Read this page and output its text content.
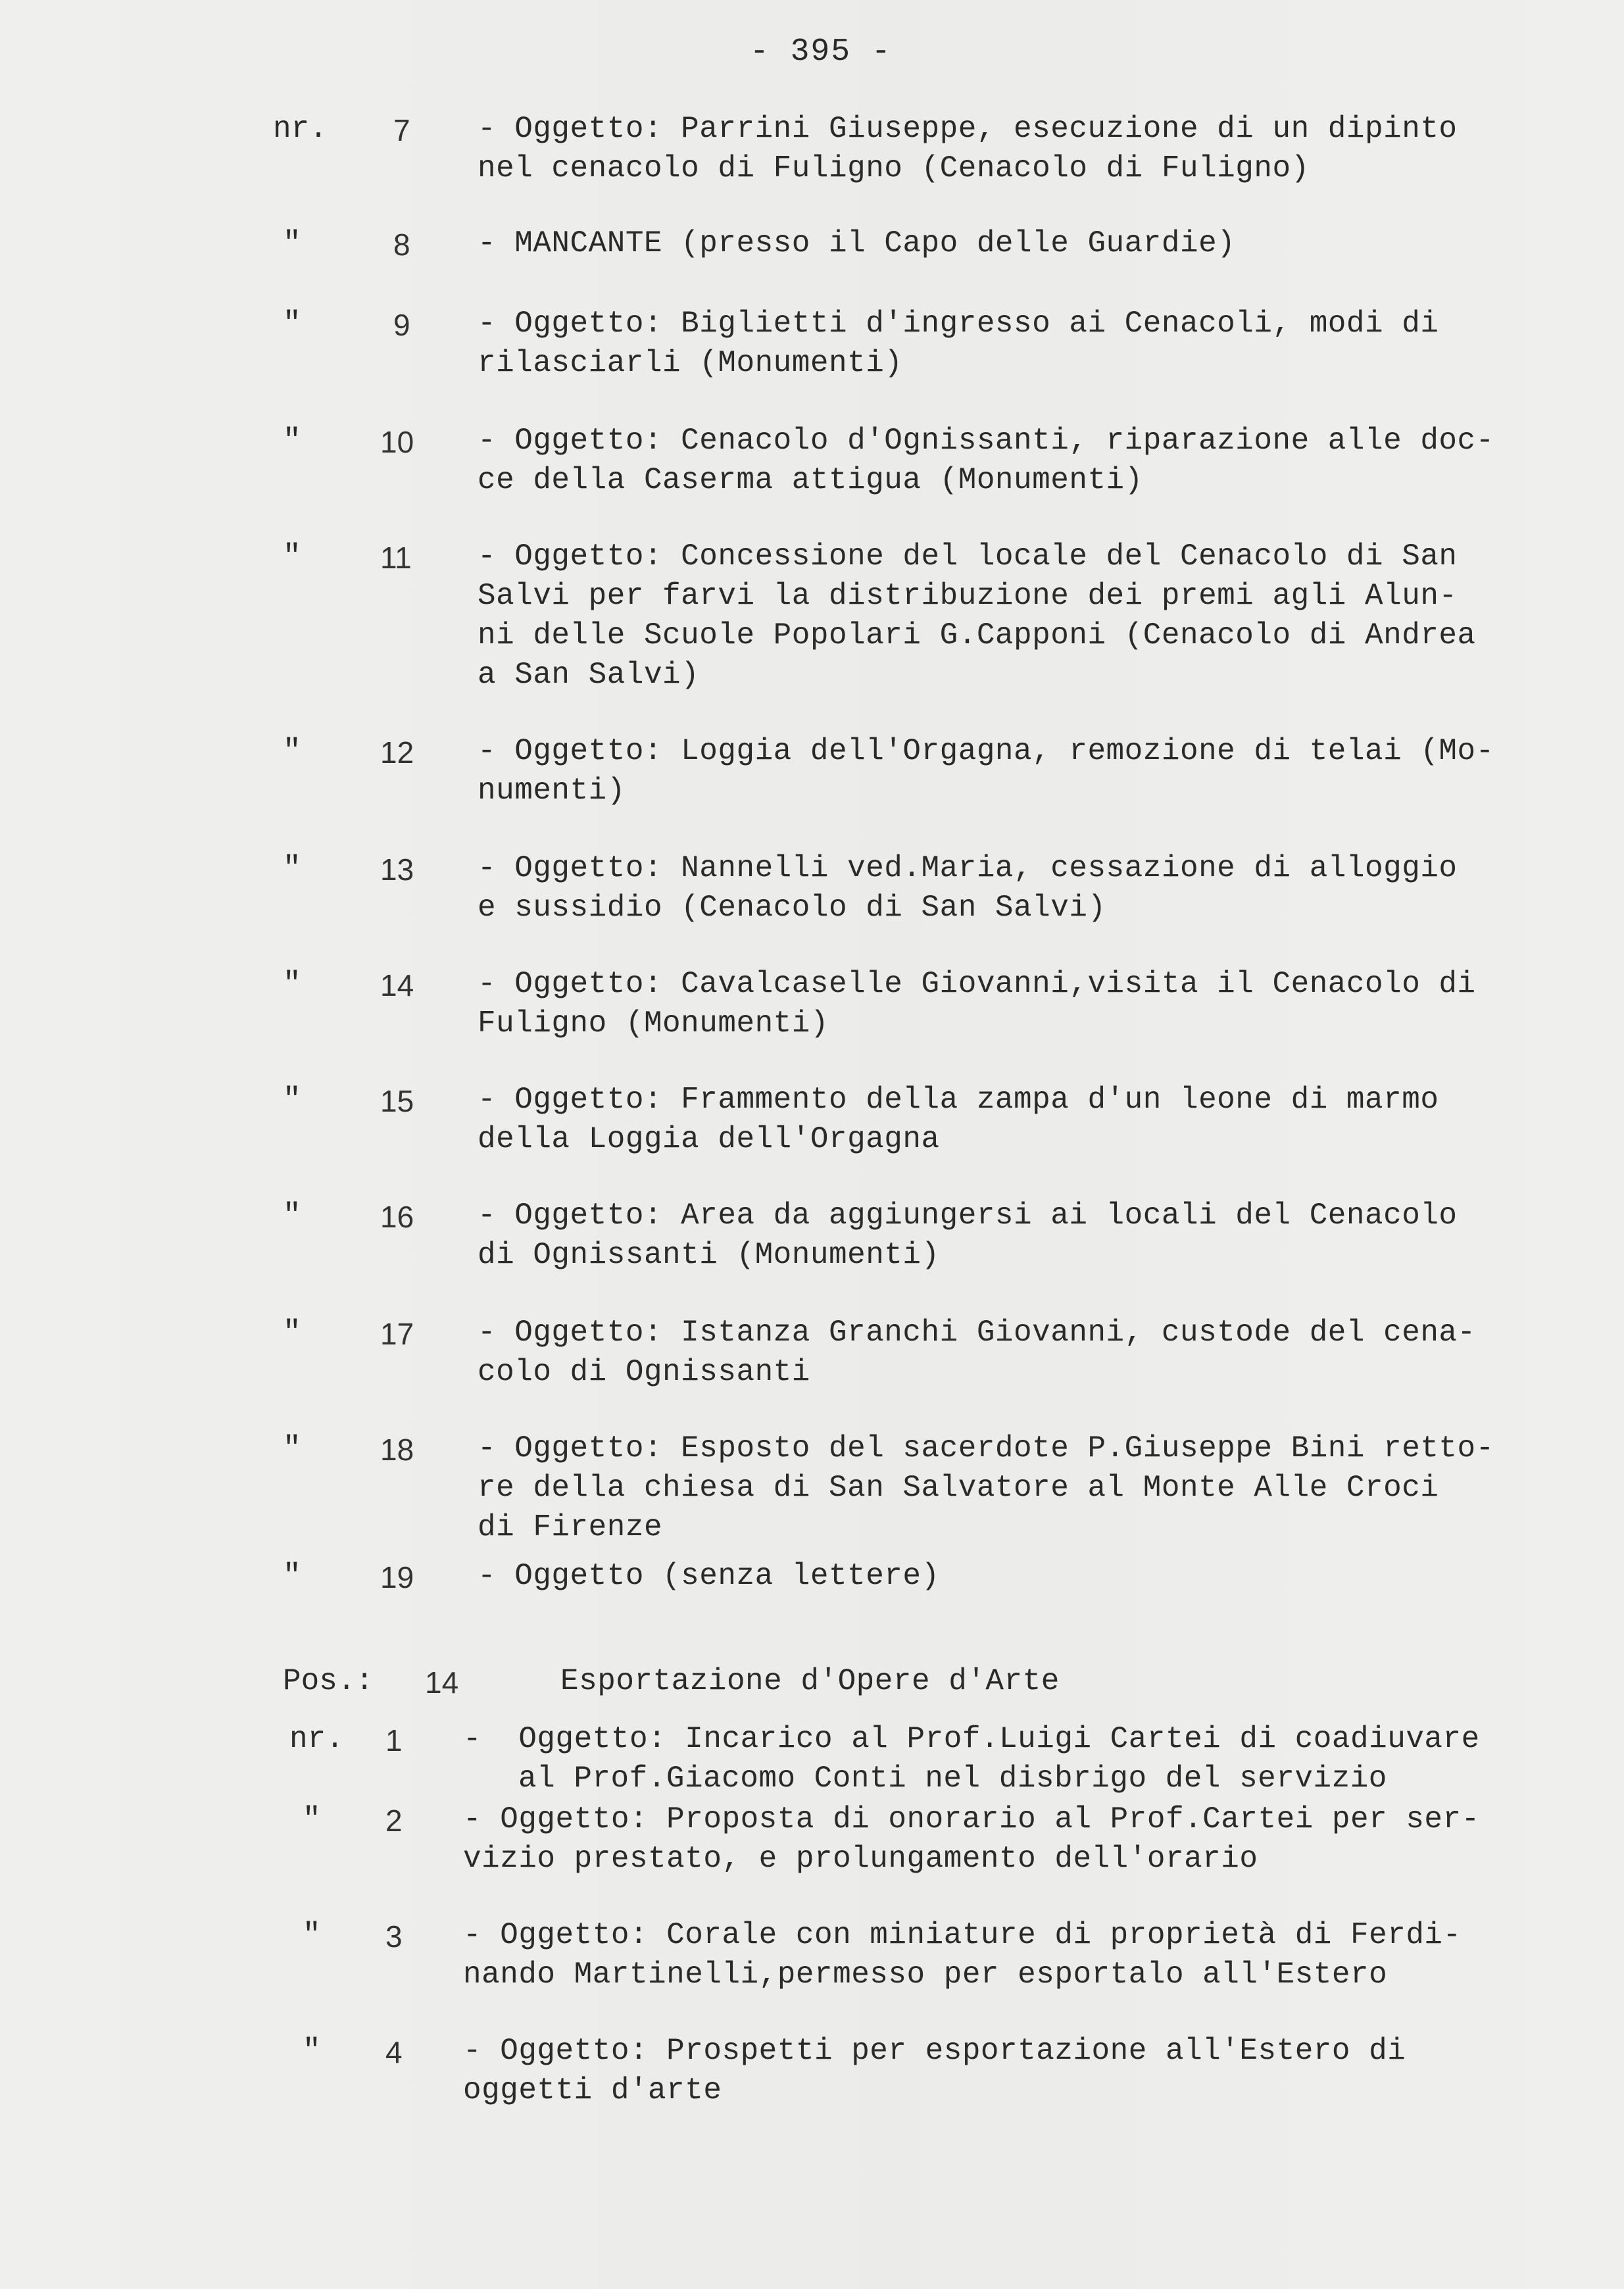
- 395 -
nr. 7 - Oggetto: Parrini Giuseppe, esecuzione di un dipinto
nel cenacolo di Fuligno (Cenacolo di Fuligno)
"	8 - MANCANTE (presso il Capo delle Guardie)
"	9 - Oggetto: Biglietti d'ingresso ai Cenacoli, modi di
rilasciarli (Monumenti)
"	10 - Oggetto: Cenacolo d'Ognissanti, riparazione alle doc-
ce della Caserma attigua (Monumenti)
"	11 - Oggetto: Concessione del locale del Cenacolo di San
Salvi per farvi la distribuzione dei premi agli Alun-
ni delle Scuole Popolari G.Capponi (Cenacolo di Andrea
a San Salvi)
"	12 - Oggetto: Loggia dell'Orgagna, remozione di telai (Mo-
numenti)
"	13 - Oggetto: Nannelli ved.Maria, cessazione di alloggio
e sussidio (Cenacolo di San Salvi)
"	14 - Oggetto: Cavalcaselle Giovanni,visita il Cenacolo di
Fuligno (Monumenti)
"	15 - Oggetto: Frammento della zampa d'un leone di marmo
della Loggia dell'Orgagna
"	16 - Oggetto: Area da aggiungersi ai locali del Cenacolo
di Ognissanti (Monumenti)
"	17 - Oggetto: Istanza Granchi Giovanni, custode del cena-
colo di Ognissanti
"	18 - Oggetto: Esposto del sacerdote P.Giuseppe Bini retto-
re della chiesa di San Salvatore al Monte Alle Croci
di Firenze
"	19 - Oggetto (senza lettere)
Pos.: 14	Esportazione d'Opere d'Arte
nr. 1 -  Oggetto: Incarico al Prof.Luigi Cartei di coadiuvare
al Prof.Giacomo Conti nel disbrigo del servizio
" 2 - Oggetto: Proposta di onorario al Prof.Cartei per ser-
vizio prestato, e prolungamento dell'orario
" 3 - Oggetto: Corale con miniature di proprietà di Ferdi-
nando Martinelli,permesso per esportalo all'Estero
" 4 - Oggetto: Prospetti per esportazione all'Estero di
oggetti d'arte
